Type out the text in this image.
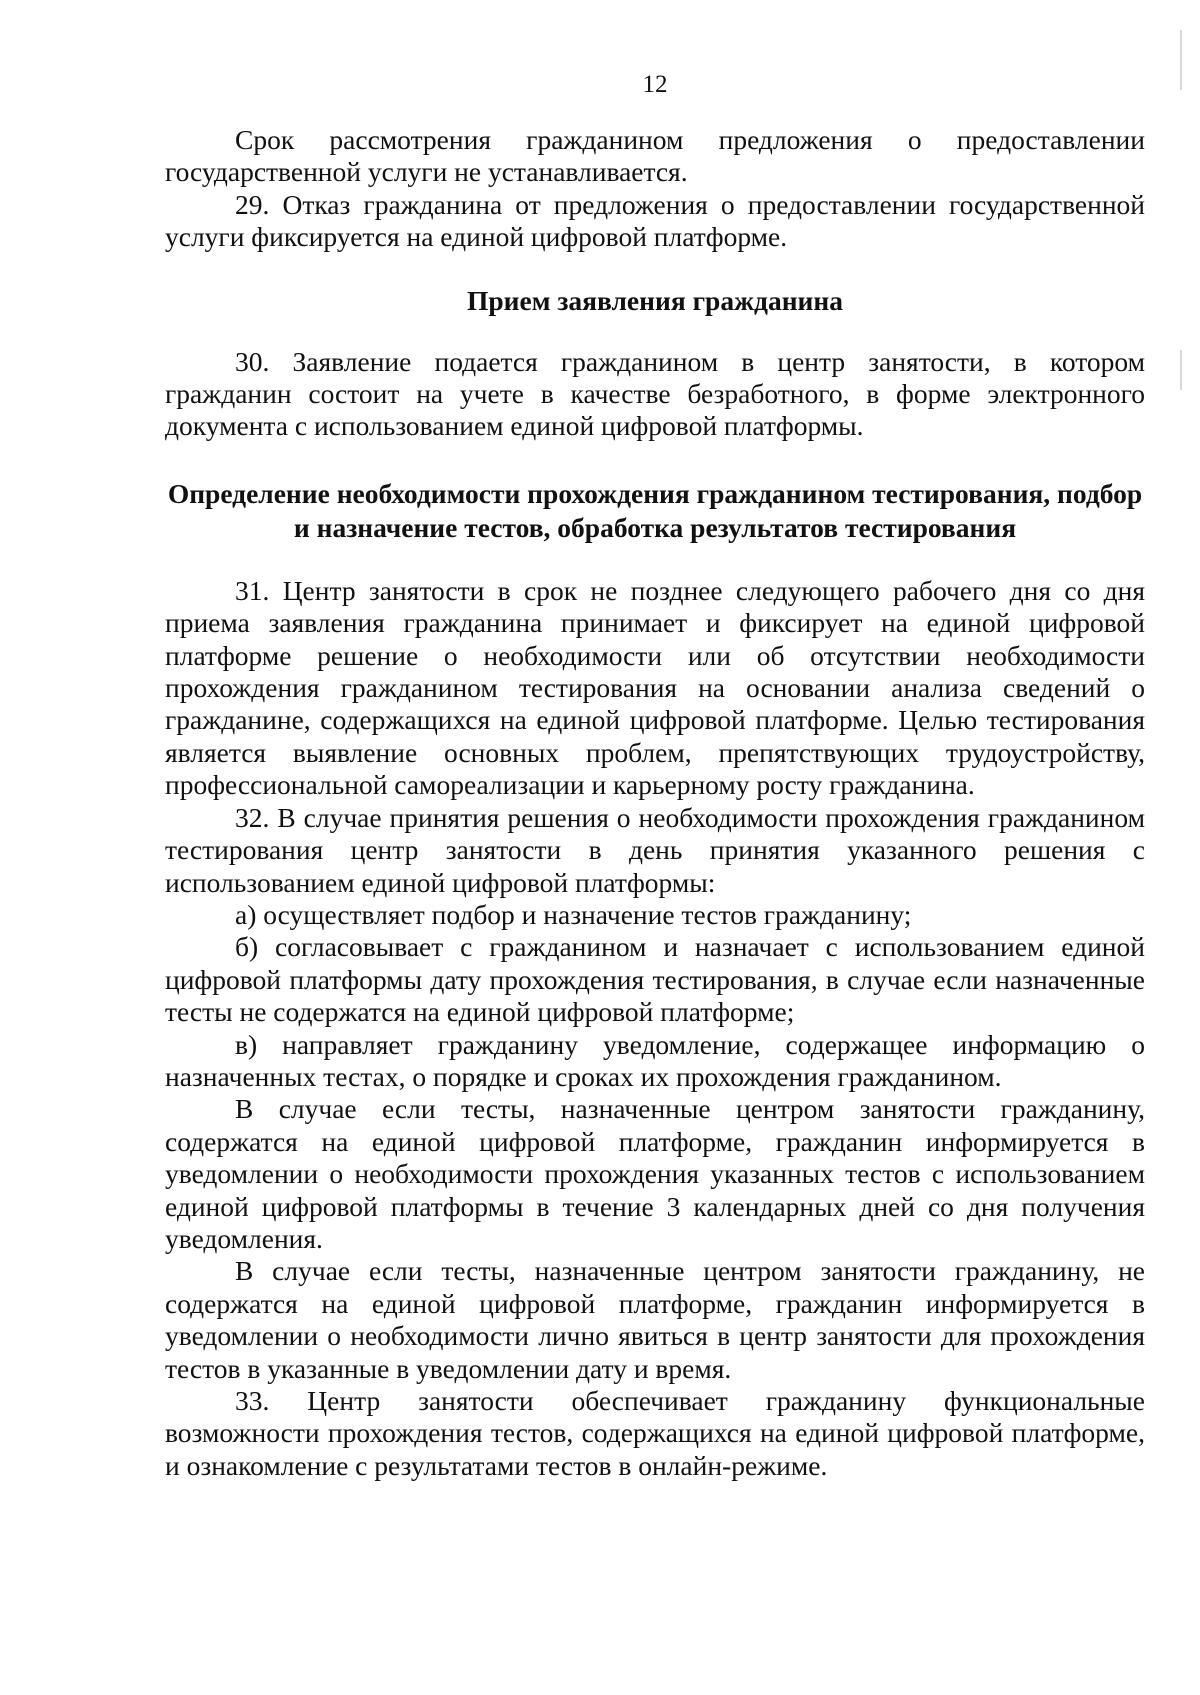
12

Срок рассмотрения гражданином предложения о предоставлении государственной услуги не устанавливается.

29. Отказ гражданина от предложения о предоставлении государственной услуги фиксируется на единой цифровой платформе.

Прием заявления гражданина

30. Заявление подается гражданином в центр занятости, в котором гражданин состоит на учете в качестве безработного, в форме электронного документа с использованием единой цифровой платформы.

Определение необходимости прохождения гражданином тестирования, подбор и назначение тестов, обработка результатов тестирования

31. Центр занятости в срок не позднее следующего рабочего дня со дня приема заявления гражданина принимает и фиксирует на единой цифровой платформе решение о необходимости или об отсутствии необходимости прохождения гражданином тестирования на основании анализа сведений о гражданине, содержащихся на единой цифровой платформе. Целью тестирования является выявление основных проблем, препятствующих трудоустройству, профессиональной самореализации и карьерному росту гражданина.

32. В случае принятия решения о необходимости прохождения гражданином тестирования центр занятости в день принятия указанного решения с использованием единой цифровой платформы:

а) осуществляет подбор и назначение тестов гражданину;

б) согласовывает с гражданином и назначает с использованием единой цифровой платформы дату прохождения тестирования, в случае если назначенные тесты не содержатся на единой цифровой платформе;

в) направляет гражданину уведомление, содержащее информацию о назначенных тестах, о порядке и сроках их прохождения гражданином.

В случае если тесты, назначенные центром занятости гражданину, содержатся на единой цифровой платформе, гражданин информируется в уведомлении о необходимости прохождения указанных тестов с использованием единой цифровой платформы в течение 3 календарных дней со дня получения уведомления.

В случае если тесты, назначенные центром занятости гражданину, не содержатся на единой цифровой платформе, гражданин информируется в уведомлении о необходимости лично явиться в центр занятости для прохождения тестов в указанные в уведомлении дату и время.

33. Центр занятости обеспечивает гражданину функциональные возможности прохождения тестов, содержащихся на единой цифровой платформе, и ознакомление с результатами тестов в онлайн-режиме.
